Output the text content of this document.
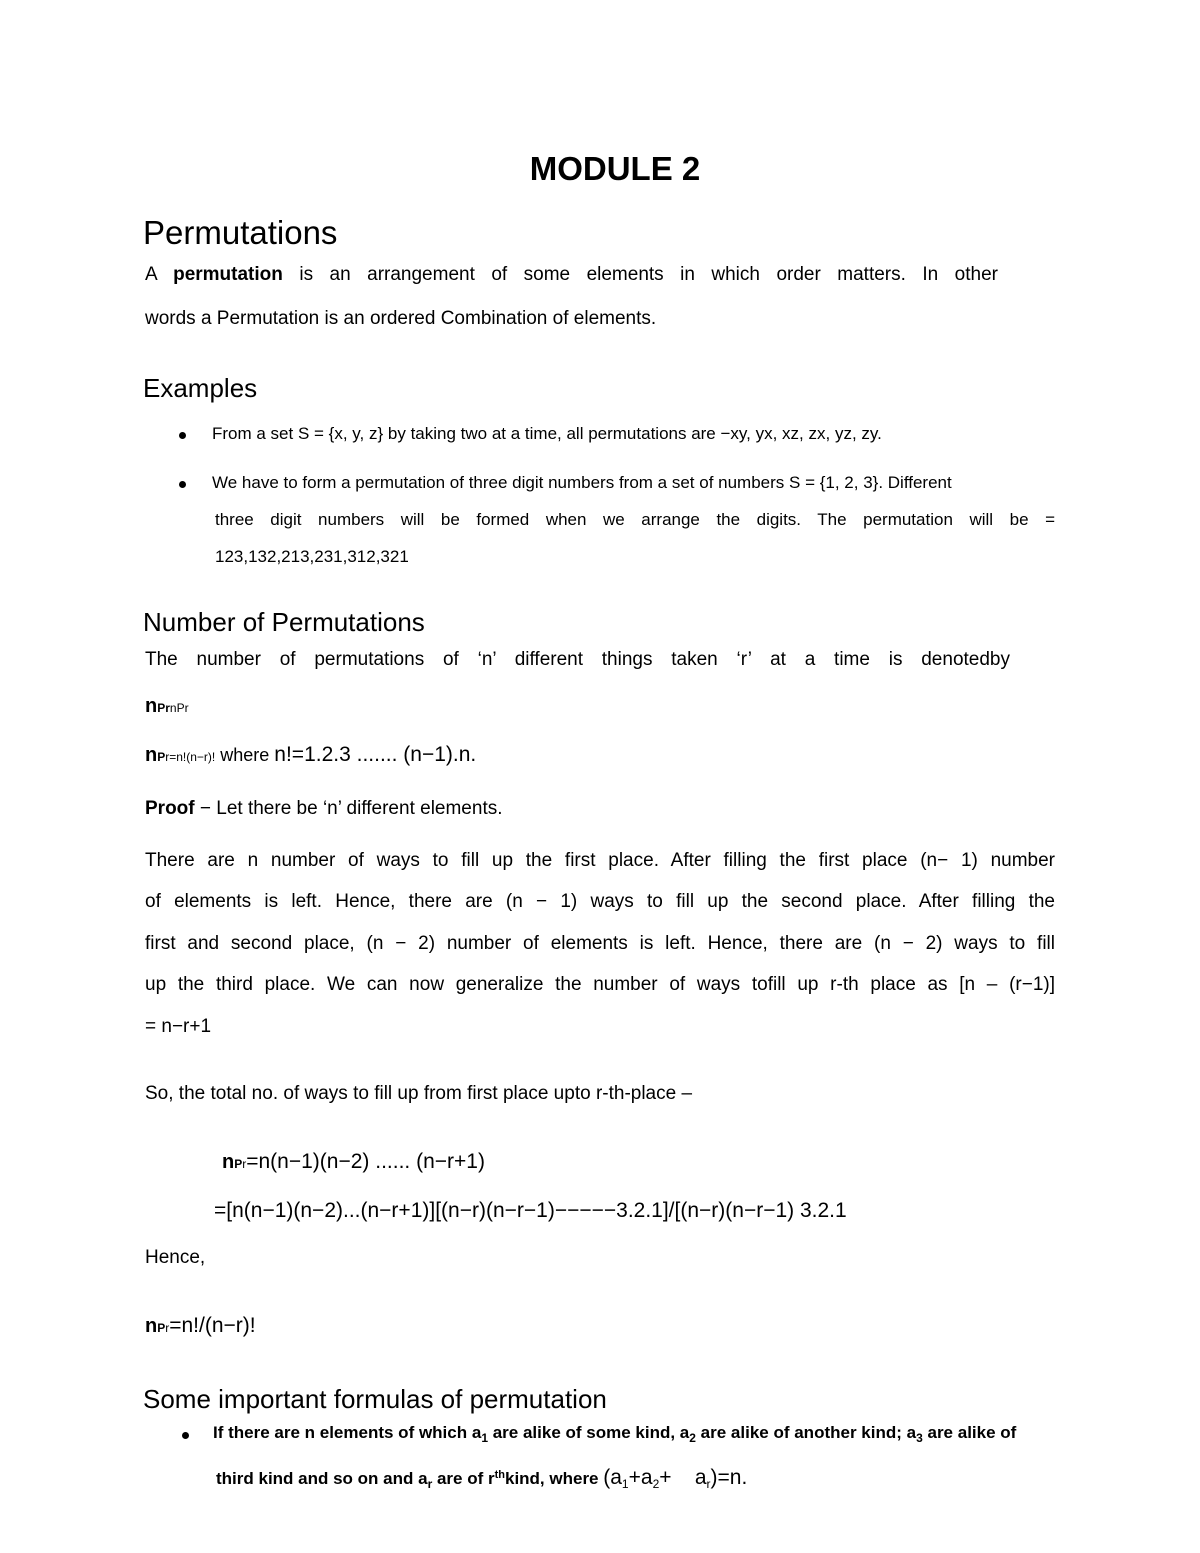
MODULE 2
Permutations
A permutation is an arrangement of some elements in which order matters. In other
words a Permutation is an ordered Combination of elements.
Examples
From a set S = {x, y, z} by taking two at a time, all permutations are −xy, yx, xz, zx, yz, zy.
We have to form a permutation of three digit numbers from a set of numbers S = {1, 2, 3}. Different
three digit numbers will be formed when we arrange the digits. The permutation will be =
123,132,213,231,312,321
Number of Permutations
The number of permutations of ‘n’ different things taken ‘r’ at a time is denotedby
nPrnPr
nPr=n!(n−r)! where n!=1.2.3 ....... (n−1).n.
Proof − Let there be ‘n’ different elements.
There are n number of ways to fill up the first place. After filling the first place (n− 1) number
of elements is left. Hence, there are (n − 1) ways to fill up the second place. After filling the
first and second place, (n − 2) number of elements is left. Hence, there are (n − 2) ways to fill
up the third place. We can now generalize the number of ways tofill up r-th place as [n – (r−1)]
= n−r+1
So, the total no. of ways to fill up from first place upto r-th-place –
nPr=n(n−1)(n−2) ...... (n−r+1)
=[n(n−1)(n−2)...(n−r+1)][(n−r)(n−r−1)−−−−−3.2.1]/[(n−r)(n−r−1) 3.2.1
Hence,
nPr=n!/(n−r)!
Some important formulas of permutation
If there are n elements of which $a_1$ are alike of some kind, $a_2$ are alike of another kind; $a_3$ are alike of
third kind and so on and $a_r$ are of $r^{th}kind$, where ($a_1+a_2+$    $a_r)=n$.
